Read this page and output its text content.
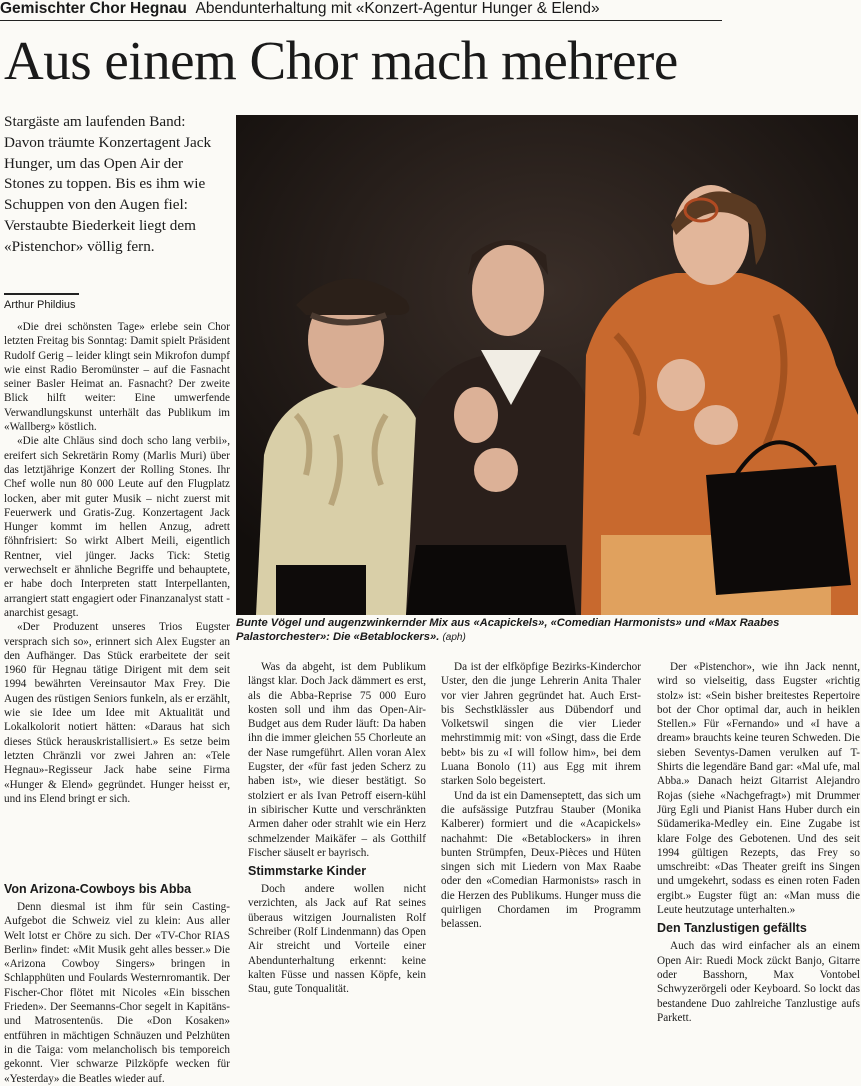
Gemischter Chor Hegnau Abendunterhaltung mit «Konzert-Agentur Hunger & Elend»
Aus einem Chor mach mehrere
Stargäste am laufenden Band: Davon träumte Konzertagent Jack Hunger, um das Open Air der Stones zu toppen. Bis es ihm wie Schuppen von den Augen fiel: Verstaubte Biederkeit liegt dem «Pistenchor» völlig fern.
Arthur Phildius

«Die drei schönsten Tage» erlebe sein Chor letzten Freitag bis Sonntag: Damit spielt Präsident Rudolf Gerig – leider klingt sein Mikrofon dumpf wie einst Radio Beromünster – auf die Fasnacht seiner Basler Heimat an. Fasnacht? Der zweite Blick hilft weiter: Eine umwerfende Verwandlungskunst unterhält das Publikum im «Wallberg» köstlich.

«Die alte Chläus sind doch scho lang verbii», ereifert sich Sekretärin Romy (Marlis Muri) über das letztjährige Konzert der Rolling Stones. Ihr Chef wolle nun 80 000 Leute auf den Flugplatz locken, aber mit guter Musik – nicht zuerst mit Feuerwerk und Gratis-Zug. Konzertagent Jack Hunger kommt im hellen Anzug, adrett föhnfrisiert: So wirkt Albert Meili, eigentlich Rentner, viel jünger. Jacks Tick: Stetig verwechselt er ähnliche Begriffe und behauptete, er habe doch Interpreten statt Interpellanten, arrangiert statt engagiert oder Finanzanalyst statt -anarchist gesagt.

«Der Produzent unseres Trios Eugster versprach sich so», erinnert sich Alex Eugster an den Aufhänger. Das Stück erarbeitete der seit 1960 für Hegnau tätige Dirigent mit dem seit 1994 bewährten Vereinsautor Max Frey. Die Augen des rüstigen Seniors funkeln, als er erzählt, wie sie Idee um Idee mit Aktualität und Lokalkolorit notiert hätten: «Daraus hat sich dieses Stück herauskristallisiert.» Es setze beim letzten Chränzli vor zwei Jahren an: «Tele Hegnau»-Regisseur Jack habe seine Firma «Hunger & Elend» gegründet. Hunger heisst er, und ins Elend bringt er sich.

Von Arizona-Cowboys bis Abba

Denn diesmal ist ihm für sein Casting-Aufgebot die Schweiz viel zu klein: Aus aller Welt lotst er Chöre zu sich. Der «TV-Chor RIAS Berlin» findet: «Mit Musik geht alles besser.» Die «Arizona Cowboy Singers» bringen in Schlapphüten und Foulards Westernromantik. Der Fischer-Chor flötet mit Nicoles «Ein bisschen Frieden». Der Seemanns-Chor segelt in Kapitäns- und Matrosentenüs. Die «Don Kosaken» entführen in mächtigen Schnäuzen und Pelzhüten in die Taiga: vom melancholisch bis temporeich gekonnt. Vier schwarze Pilzköpfe wecken für «Yesterday» die Beatles wieder auf.

Was da abgeht, ist dem Publikum längst klar. Doch Jack dämmert es erst, als die Abba-Reprise 75 000 Euro kosten soll und ihm das Open-Air-Budget aus dem Ruder läuft: Da haben ihn die immer gleichen 55 Chorleute an der Nase rumgeführt. Allen voran Alex Eugster, der «für fast jeden Scherz zu haben ist», wie dieser bestätigt. So stolziert er als Ivan Petroff eisern-kühl in sibirischer Kutte und verschränkten Armen daher oder strahlt wie ein Herz schmelzender Maikäfer – als Gotthilf Fischer säuselt er bayrisch.

Stimmstarke Kinder

Doch andere wollen nicht verzichten, als Jack auf Rat seines überaus witzigen Journalisten Rolf Schreiber (Rolf Lindenmann) das Open Air streicht und Vorteile einer Abendunterhaltung erkennt: keine kalten Füsse und nassen Köpfe, kein Stau, gute Tonqualität.

Da ist der elfköpfige Bezirks-Kinderchor Uster, den die junge Lehrerin Anita Thaler vor vier Jahren gegründet hat. Auch Erst- bis Sechstklässler aus Dübendorf und Volketswil singen die vier Lieder mehrstimmig mit: von «Singt, dass die Erde bebt» bis zu «I will follow him», bei dem Luana Bonolo (11) aus Egg mit ihrem starken Solo begeistert.

Und da ist ein Damenseptett, das sich um die aufsässige Putzfrau Stauber (Monika Kalberer) formiert und die «Acapickels» nachahmt: Die «Betablockers» in ihren bunten Strümpfen, Deux-Pièces und Hüten singen sich mit Liedern von Max Raabe oder den «Comedian Harmonists» rasch in die Herzen des Publikums. Hunger muss die quirligen Chordamen im Programm belassen.

Der «Pistenchor», wie ihn Jack nennt, wird so vielseitig, dass Eugster «richtig stolz» ist: «Sein bisher breitestes Repertoire bot der Chor optimal dar, auch in heiklen Stellen.» Für «Fernando» und «I have a dream» brauchts keine teuren Schweden. Die sieben Seventys-Damen verulken auf T-Shirts die legendäre Band gar: «Mal ufe, mal Abba.» Danach heizt Gitarrist Alejandro Rojas (siehe «Nachgefragt») mit Drummer Jürg Egli und Pianist Hans Huber durch ein Südamerika-Medley ein. Eine Zugabe ist klare Folge des Gebotenen. Und des seit 1994 gültigen Rezepts, das Frey so umschreibt: «Das Theater greift ins Singen und umgekehrt, sodass es einen roten Faden ergibt.» Eugster fügt an: «Man muss die Leute heutzutage unterhalten.»

Den Tanzlustigen gefällts

Auch das wird einfacher als an einem Open Air: Ruedi Mock zückt Banjo, Gitarre oder Basshorn, Max Vontobel Schwyzerörgeli oder Keyboard. So lockt das bestandene Duo zahlreiche Tanzlustige aufs Parkett.

Bunte Vögel und augenzwinkernder Mix aus «Acapickels», «Comedian Harmonists» und «Max Raabes Palastorchester»: Die «Betablockers». (aph)
